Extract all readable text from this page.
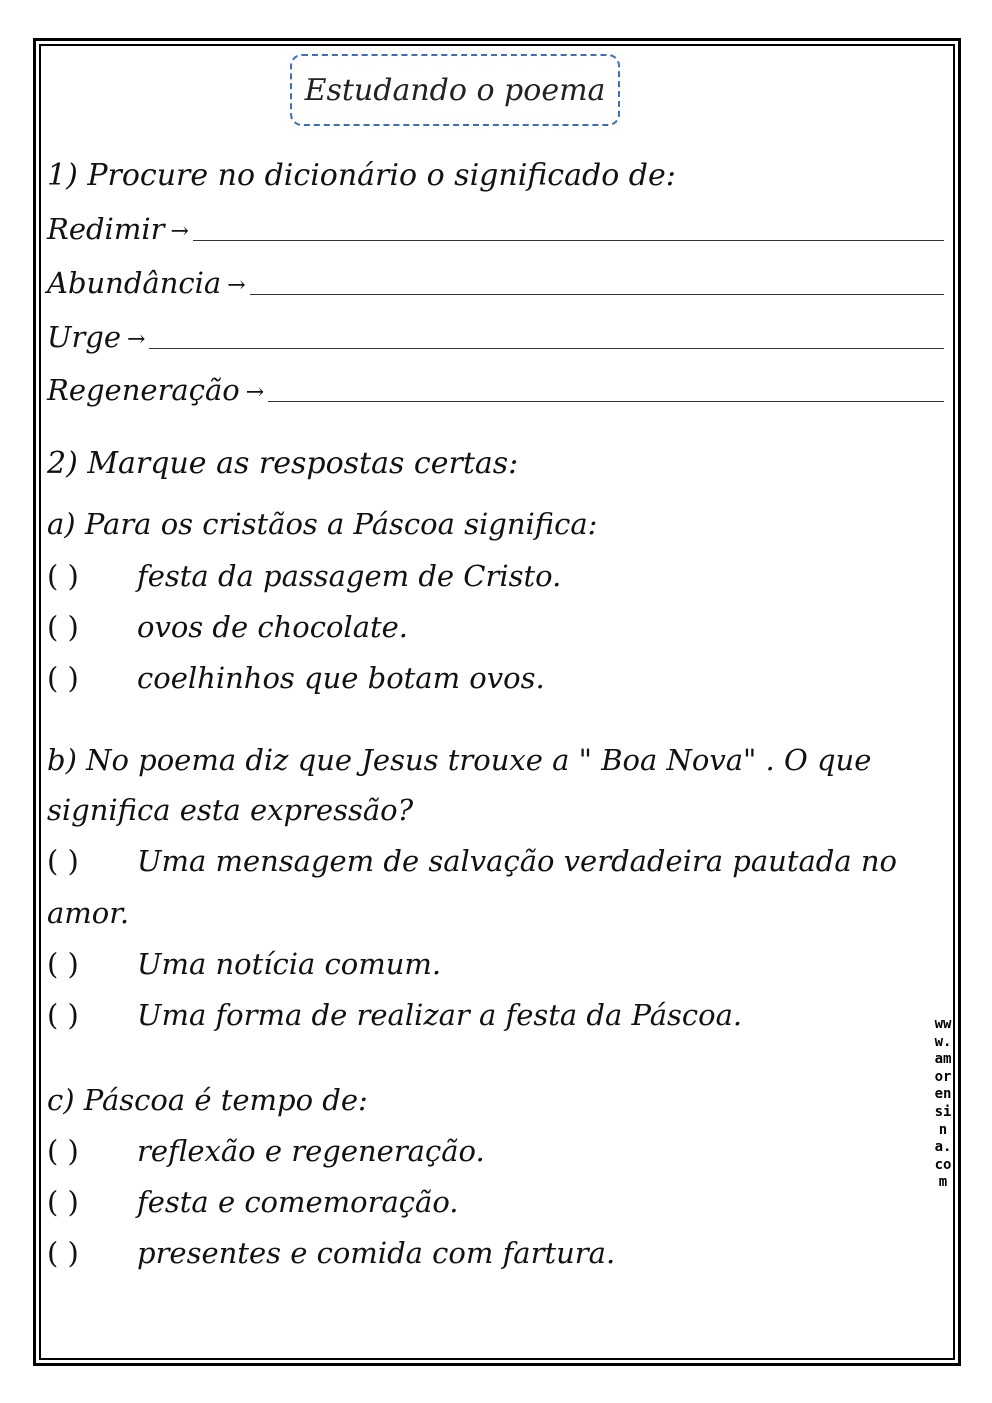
Estudando o poema
1) Procure no dicionário o significado de:
Redimir →
Abundância →
Urge →
Regeneração →
2) Marque as respostas certas:
a) Para os cristãos a Páscoa significa:
( ) festa da passagem de Cristo.
( ) ovos de chocolate.
( ) coelhinhos que botam ovos.
b) No poema diz que Jesus trouxe a " Boa Nova" . O que
significa esta expressão?
( ) Uma mensagem de salvação verdadeira pautada no
amor.
( ) Uma notícia comum.
( ) Uma forma de realizar a festa da Páscoa.
c) Páscoa é tempo de:
( ) reflexão e regeneração.
( ) festa e comemoração.
( ) presentes e comida com fartura.
www.amorensina.com
